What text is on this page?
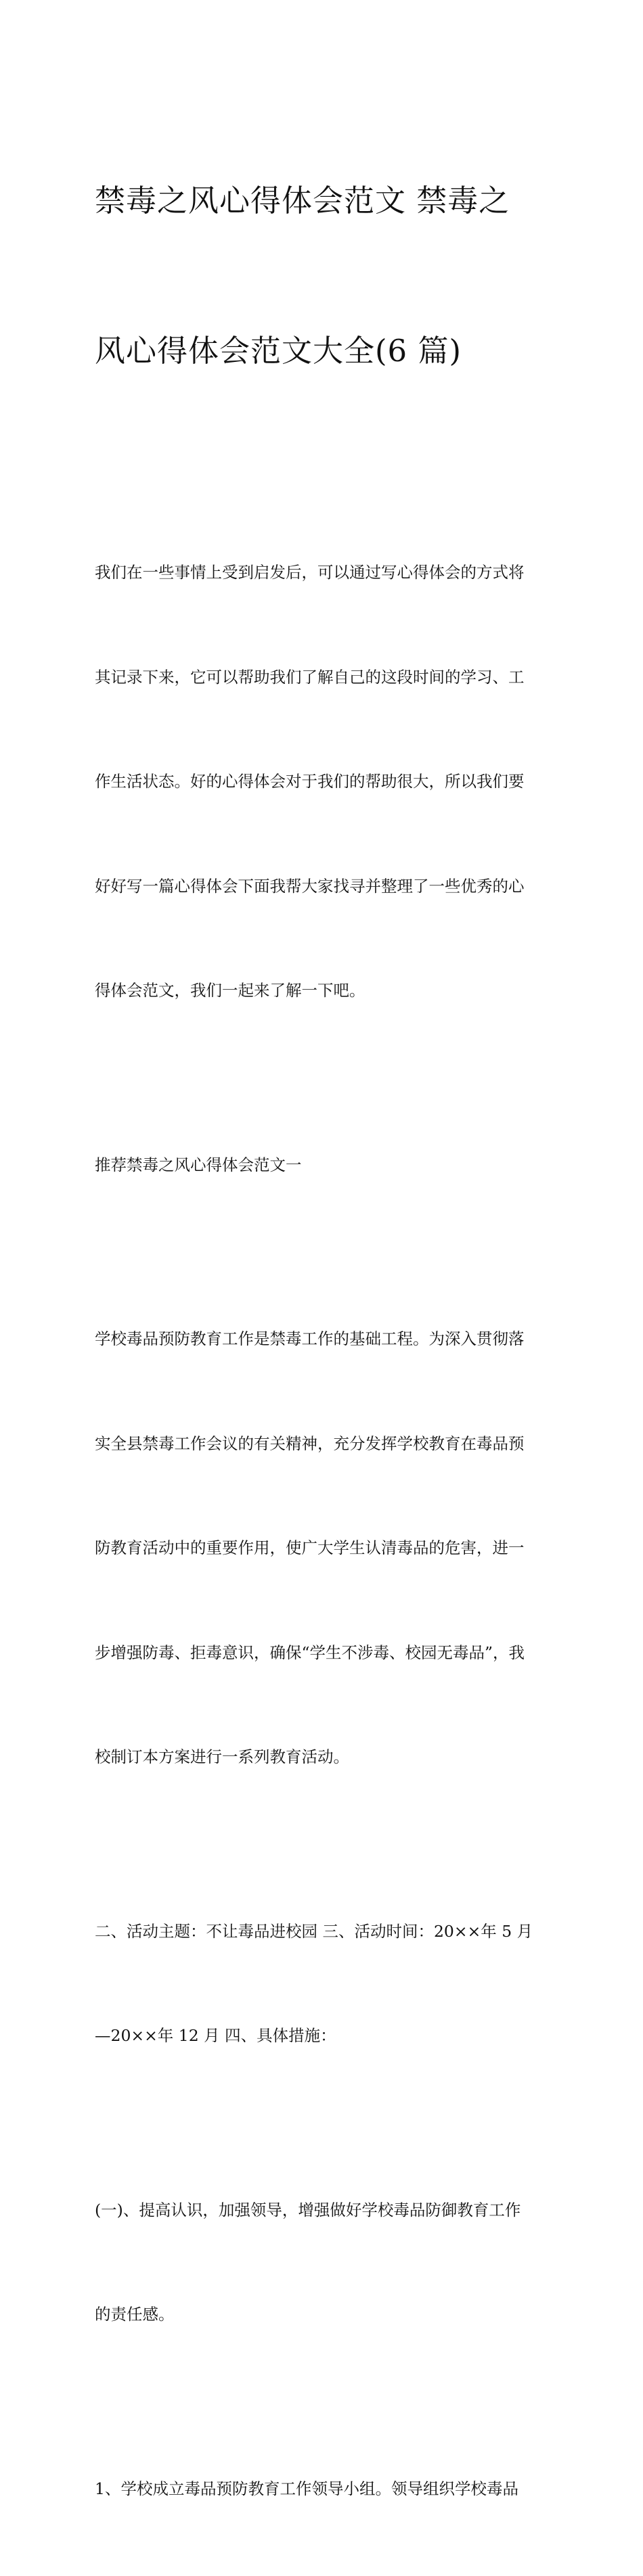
禁毒之风心得体会范文 禁毒之

风心得体会范文大全(6 篇)

我们在一些事情上受到启发后，可以通过写心得体会的方式将

其记录下来，它可以帮助我们了解自己的这段时间的学习、工

作生活状态。好的心得体会对于我们的帮助很大，所以我们要

好好写一篇心得体会下面我帮大家找寻并整理了一些优秀的心

得体会范文，我们一起来了解一下吧。

推荐禁毒之风心得体会范文一

学校毒品预防教育工作是禁毒工作的基础工程。为深入贯彻落

实全县禁毒工作会议的有关精神，充分发挥学校教育在毒品预

防教育活动中的重要作用，使广大学生认清毒品的危害，进一

步增强防毒、拒毒意识，确保“学生不涉毒、校园无毒品”，我

校制订本方案进行一系列教育活动。

二、活动主题：不让毒品进校园 三、活动时间：20××年 5 月

—20××年 12 月 四、具体措施：

(一)、提高认识，加强领导，增强做好学校毒品防御教育工作

的责任感。

1、学校成立毒品预防教育工作领导小组。领导组织学校毒品
